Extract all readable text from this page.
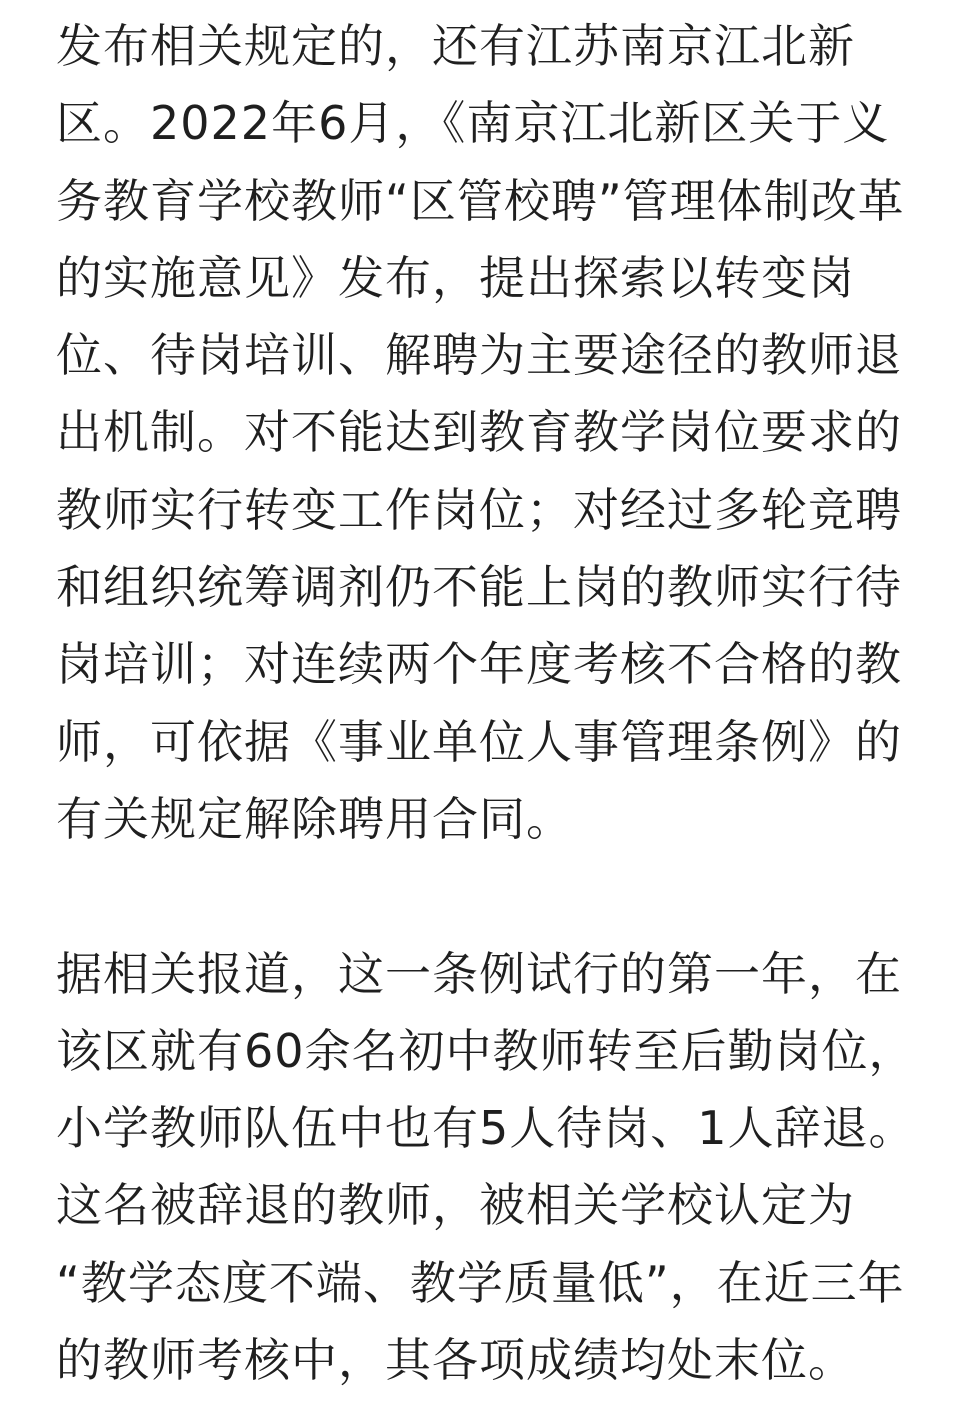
发布相关规定的，还有江苏南京江北新
区。2022年6月，《南京江北新区关于义
务教育学校教师“区管校聘”管理体制改革
的实施意见》发布，提出探索以转变岗
位、待岗培训、解聘为主要途径的教师退
出机制。对不能达到教育教学岗位要求的
教师实行转变工作岗位；对经过多轮竞聘
和组织统筹调剂仍不能上岗的教师实行待
岗培训；对连续两个年度考核不合格的教
师，可依据《事业单位人事管理条例》的
有关规定解除聘用合同。
据相关报道，这一条例试行的第一年，在
该区就有60余名初中教师转至后勤岗位，
小学教师队伍中也有5人待岗、1人辞退。
这名被辞退的教师，被相关学校认定为
“教学态度不端、教学质量低”，在近三年
的教师考核中，其各项成绩均处末位。
